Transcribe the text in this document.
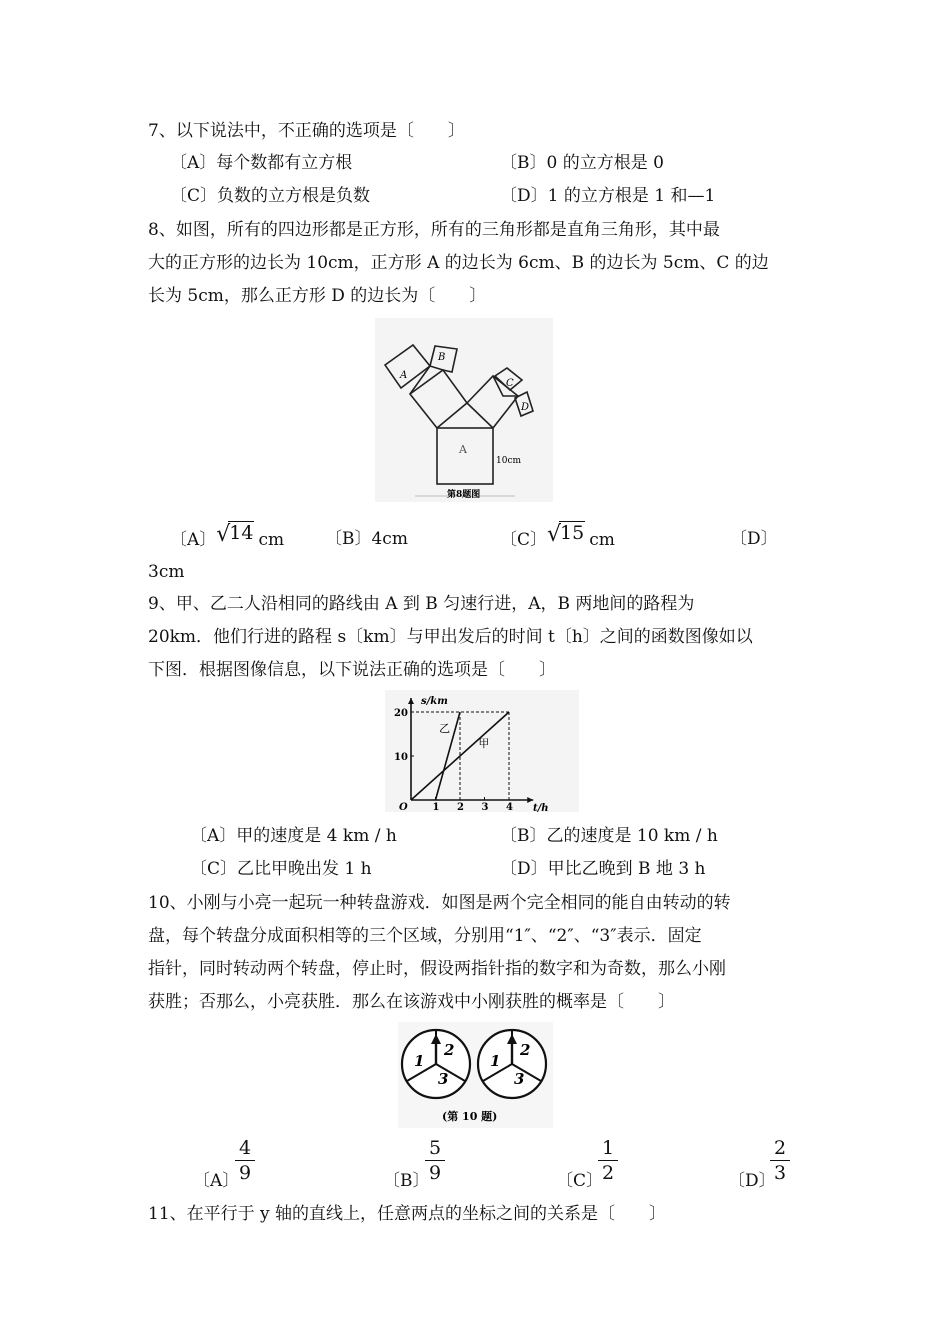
7、以下说法中，不正确的选项是〔　　〕
〔A〕每个数都有立方根	〔B〕0 的立方根是 0
〔C〕负数的立方根是负数	〔D〕1 的立方根是 1 和—1
8、如图，所有的四边形都是正方形，所有的三角形都是直角三角形，其中最
大的正方形的边长为 10cm，正方形 A 的边长为 6cm、B 的边长为 5cm、C 的边
长为 5cm，那么正方形 D 的边长为〔　　〕
A
B
C
D
A
10cm
第8题图
〔A〕 √
14 cm 〔B〕4cm	〔C〕 √
15 cm	〔D〕
3cm
9、甲、乙二人沿相同的路线由 A 到 B 匀速行进，A，B 两地间的路程为
20km．他们行进的路程 s〔km〕与甲出发后的时间 t〔h〕之间的函数图像如以
下图．根据图像信息，以下说法正确的选项是〔　　〕
s/km
t/h
O 1 2 3 4
10
20
甲
乙
〔A〕甲的速度是 4 km / h	〔B〕乙的速度是 10 km / h
〔C〕乙比甲晚出发 1 h	〔D〕甲比乙晚到 B 地 3 h
10、小刚与小亮一起玩一种转盘游戏．如图是两个完全相同的能自由转动的转
盘，每个转盘分成面积相等的三个区域，分别用“1″、“2″、“3″表示．固定
指针，同时转动两个转盘，停止时，假设两指针指的数字和为奇数，那么小刚
获胜；否那么，小亮获胜．那么在该游戏中小刚获胜的概率是〔　　〕
1
2
3
1
2
3
(第 10 题)
〔A〕
4
9	〔B〕
5
9	〔C〕
1
2	〔D〕
2
3
11、在平行于 y 轴的直线上，任意两点的坐标之间的关系是〔　　〕
